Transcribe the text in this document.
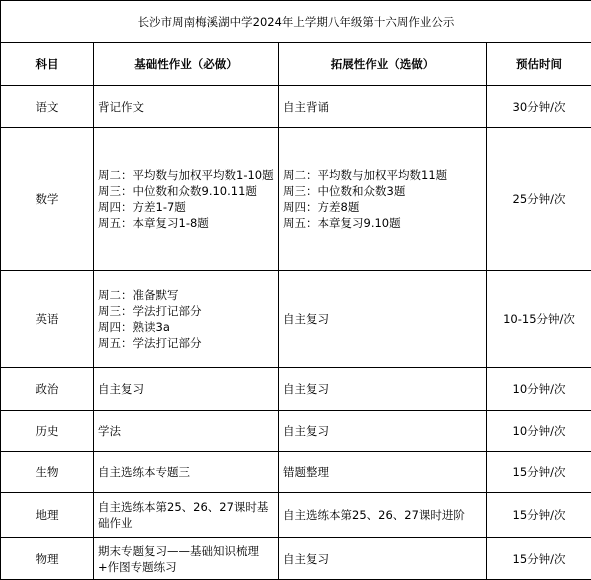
长沙市周南梅溪湖中学2024年上学期八年级第十六周作业公示			
科目	基础性作业（必做）	拓展性作业（选做）	预估时间
语文	背记作文	自主背诵	30分钟/次
数学	周二：平均数与加权平均数1-10题
周三：中位数和众数9.10.11题
周四：方差1-7题
周五：本章复习1-8题	周二：平均数与加权平均数11题
周三：中位数和众数3题
周四：方差8题
周五：本章复习9.10题	25分钟/次
英语	周二：准备默写
周三：学法打记部分
周四：熟读3a
周五：学法打记部分	自主复习	10-15分钟/次
政治	自主复习	自主复习	10分钟/次
历史	学法	自主复习	10分钟/次
生物	自主选练本专题三	错题整理	15分钟/次
地理	自主选练本第25、26、27课时基础作业	自主选练本第25、26、27课时进阶	15分钟/次
物理	期末专题复习——基础知识梳理+作图专题练习	自主复习	15分钟/次
